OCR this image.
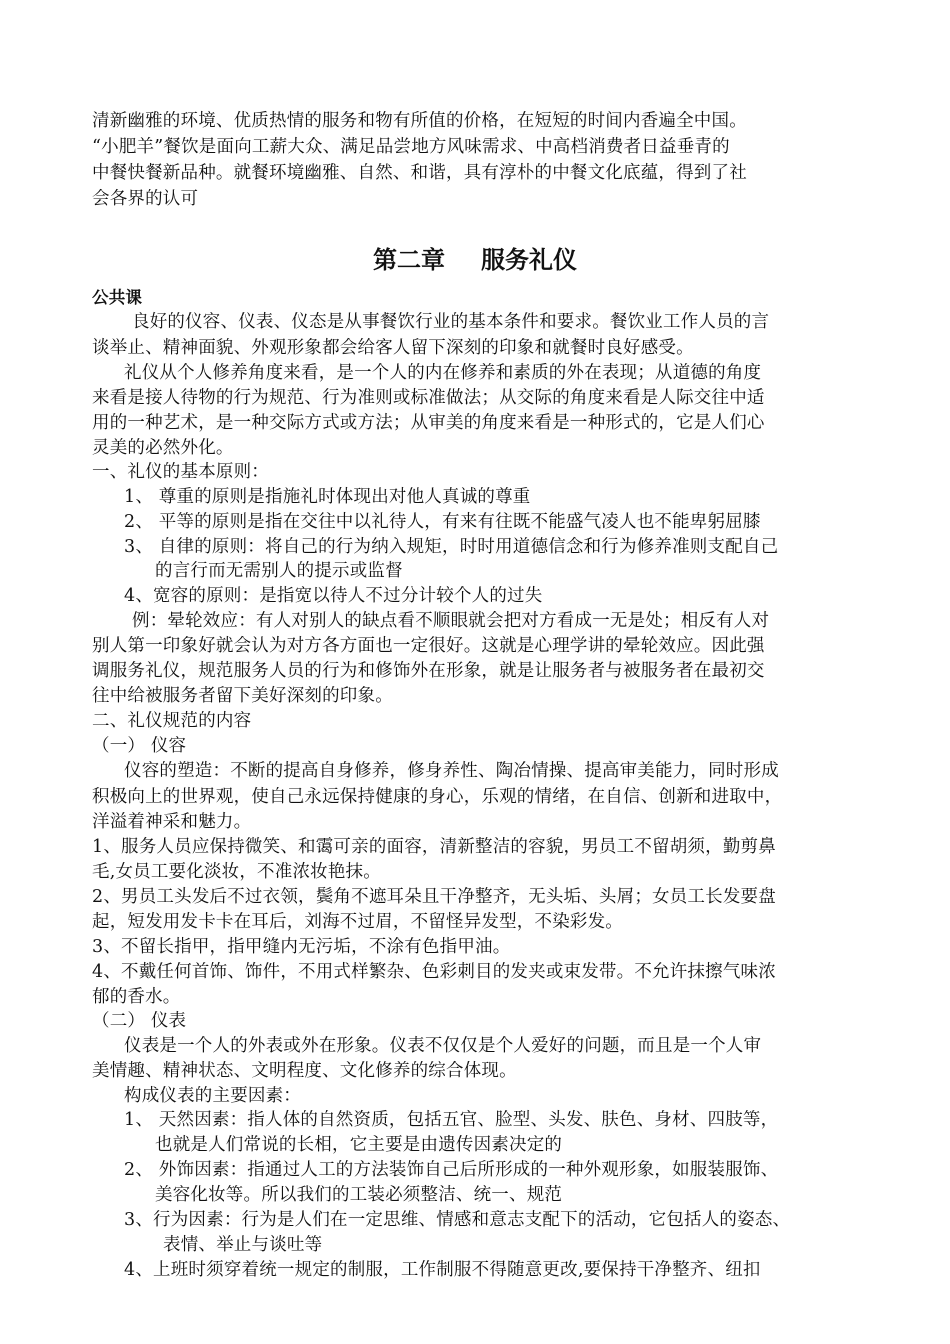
清新幽雅的环境、优质热情的服务和物有所值的价格，在短短的时间内香遍全中国。
“小肥羊”餐饮是面向工薪大众、满足品尝地方风味需求、中高档消费者日益垂青的
中餐快餐新品种。就餐环境幽雅、自然、和谐，具有淳朴的中餐文化底蕴，得到了社
会各界的认可
第二章 服务礼仪
公共课
良好的仪容、仪表、仪态是从事餐饮行业的基本条件和要求。餐饮业工作人员的言
谈举止、精神面貌、外观形象都会给客人留下深刻的印象和就餐时良好感受。
礼仪从个人修养角度来看，是一个人的内在修养和素质的外在表现；从道德的角度
来看是接人待物的行为规范、行为准则或标准做法；从交际的角度来看是人际交往中适
用的一种艺术，是一种交际方式或方法；从审美的角度来看是一种形式的，它是人们心
灵美的必然外化。
一、礼仪的基本原则：
1、 尊重的原则是指施礼时体现出对他人真诚的尊重
2、 平等的原则是指在交往中以礼待人，有来有往既不能盛气凌人也不能卑躬屈膝
3、 自律的原则：将自己的行为纳入规矩，时时用道德信念和行为修养准则支配自己
的言行而无需别人的提示或监督
4、宽容的原则：是指宽以待人不过分计较个人的过失
例：晕轮效应：有人对别人的缺点看不顺眼就会把对方看成一无是处；相反有人对
别人第一印象好就会认为对方各方面也一定很好。这就是心理学讲的晕轮效应。因此强
调服务礼仪，规范服务人员的行为和修饰外在形象，就是让服务者与被服务者在最初交
往中给被服务者留下美好深刻的印象。
二、礼仪规范的内容
（一） 仪容
仪容的塑造：不断的提高自身修养，修身养性、陶冶情操、提高审美能力，同时形成
积极向上的世界观，使自己永远保持健康的身心，乐观的情绪，在自信、创新和进取中，
洋溢着神采和魅力。
1、服务人员应保持微笑、和霭可亲的面容，清新整洁的容貌，男员工不留胡须，勤剪鼻
毛,女员工要化淡妆，不准浓妆艳抹。
2、男员工头发后不过衣领，鬓角不遮耳朵且干净整齐，无头垢、头屑；女员工长发要盘
起，短发用发卡卡在耳后，刘海不过眉，不留怪异发型，不染彩发。
3、不留长指甲，指甲缝内无污垢，不涂有色指甲油。
4、不戴任何首饰、饰件，不用式样繁杂、色彩刺目的发夹或束发带。不允许抹擦气味浓
郁的香水。
（二） 仪表
仪表是一个人的外表或外在形象。仪表不仅仅是个人爱好的问题，而且是一个人审
美情趣、精神状态、文明程度、文化修养的综合体现。
构成仪表的主要因素：
1、 天然因素：指人体的自然资质，包括五官、脸型、头发、肤色、身材、四肢等，
也就是人们常说的长相，它主要是由遗传因素决定的
2、 外饰因素：指通过人工的方法装饰自己后所形成的一种外观形象，如服装服饰、
美容化妆等。所以我们的工装必须整洁、统一、规范
3、行为因素：行为是人们在一定思维、情感和意志支配下的活动，它包括人的姿态、
表情、举止与谈吐等
4、上班时须穿着统一规定的制服，工作制服不得随意更改,要保持干净整齐、纽扣
